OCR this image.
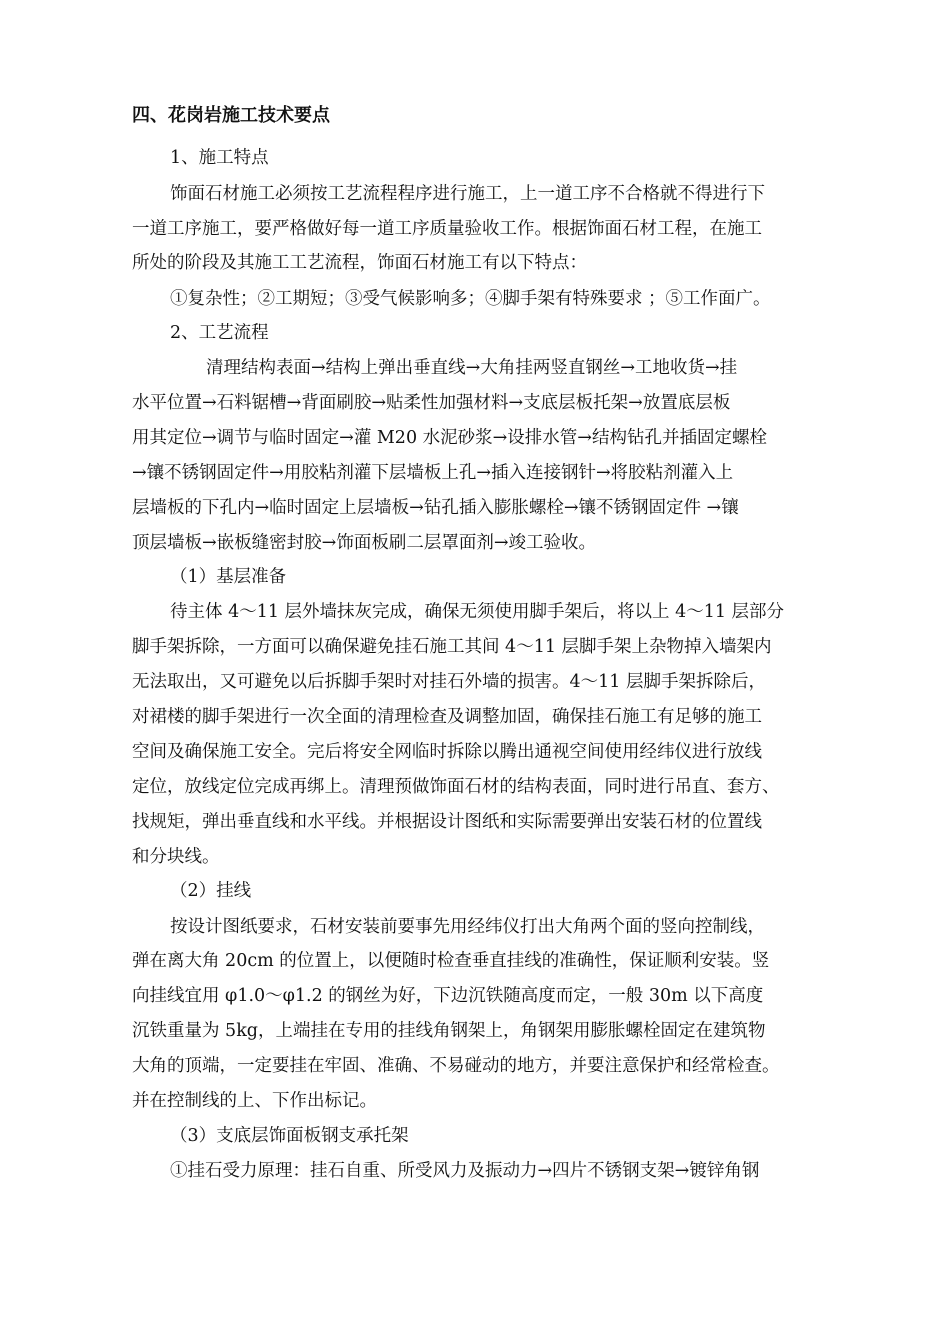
四、花岗岩施工技术要点
1、施工特点
饰面石材施工必须按工艺流程程序进行施工，上一道工序不合格就不得进行下
一道工序施工，要严格做好每一道工序质量验收工作。根据饰面石材工程，在施工
所处的阶段及其施工工艺流程，饰面石材施工有以下特点：
①复杂性；②工期短；③受气候影响多；④脚手架有特殊要求 ；⑤工作面广。
2、工艺流程
清理结构表面→结构上弹出垂直线→大角挂两竖直钢丝→工地收货→挂
水平位置→石料锯槽→背面刷胶→贴柔性加强材料→支底层板托架→放置底层板
用其定位→调节与临时固定→灌 M20 水泥砂浆→设排水管→结构钻孔并插固定螺栓
→镶不锈钢固定件→用胶粘剂灌下层墙板上孔→插入连接钢针→将胶粘剂灌入上
层墙板的下孔内→临时固定上层墙板→钻孔插入膨胀螺栓→镶不锈钢固定件 →镶
顶层墙板→嵌板缝密封胶→饰面板刷二层罩面剂→竣工验收。
（1）基层准备
待主体 4～11 层外墙抹灰完成，确保无须使用脚手架后，将以上 4～11 层部分
脚手架拆除，一方面可以确保避免挂石施工其间 4～11 层脚手架上杂物掉入墙架内
无法取出，又可避免以后拆脚手架时对挂石外墙的损害。4～11 层脚手架拆除后，
对裙楼的脚手架进行一次全面的清理检查及调整加固，确保挂石施工有足够的施工
空间及确保施工安全。完后将安全网临时拆除以腾出通视空间使用经纬仪进行放线
定位，放线定位完成再绑上。清理预做饰面石材的结构表面，同时进行吊直、套方、
找规矩，弹出垂直线和水平线。并根据设计图纸和实际需要弹出安装石材的位置线
和分块线。
（2）挂线
按设计图纸要求，石材安装前要事先用经纬仪打出大角两个面的竖向控制线，
弹在离大角 20cm 的位置上，以便随时检查垂直挂线的准确性，保证顺利安装。竖
向挂线宜用 φ1.0～φ1.2 的钢丝为好，下边沉铁随高度而定，一般 30m 以下高度
沉铁重量为 5kg，上端挂在专用的挂线角钢架上，角钢架用膨胀螺栓固定在建筑物
大角的顶端，一定要挂在牢固、准确、不易碰动的地方，并要注意保护和经常检查。
并在控制线的上、下作出标记。
（3）支底层饰面板钢支承托架
①挂石受力原理：挂石自重、所受风力及振动力→四片不锈钢支架→镀锌角钢
